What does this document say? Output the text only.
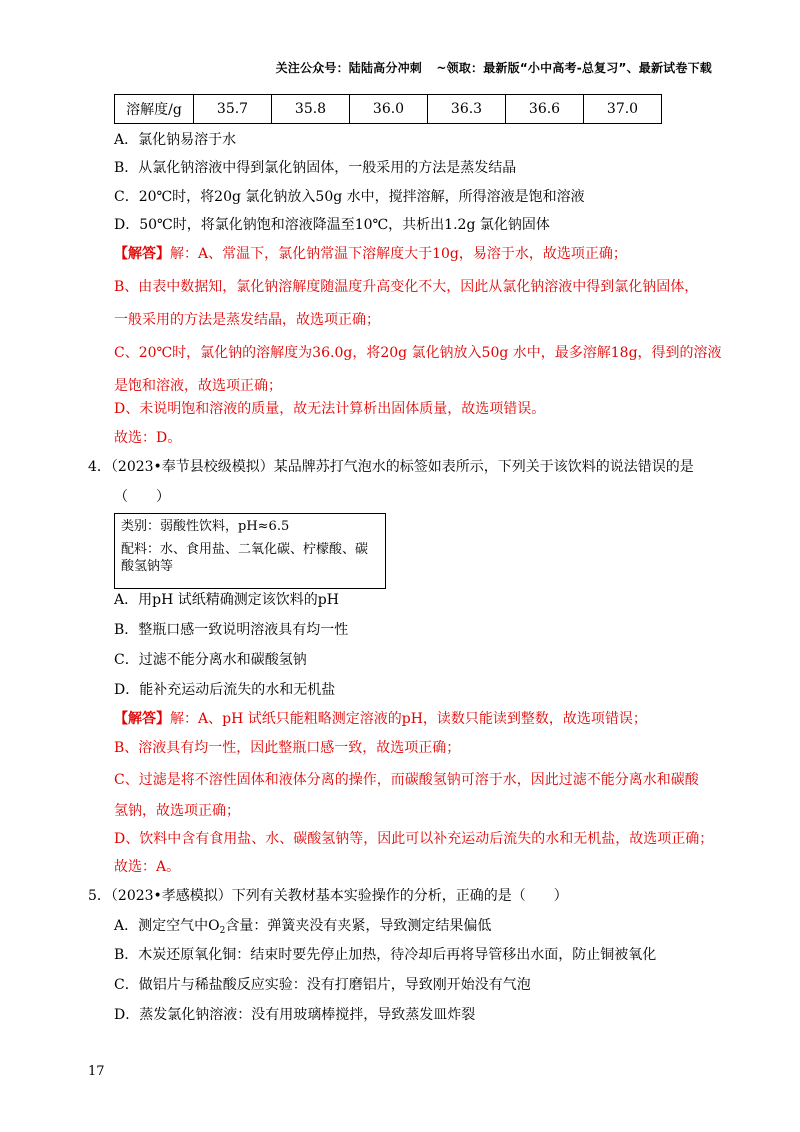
关注公众号：陆陆高分冲刺 ~领取：最新版“小中高考-总复习”、最新试卷下载
溶解度/g	35.7	35.8	36.0	36.3	36.6	37.0
A．氯化钠易溶于水
B．从氯化钠溶液中得到氯化钠固体，一般采用的方法是蒸发结晶
C．20℃时，将20g 氯化钠放入50g 水中，搅拌溶解，所得溶液是饱和溶液
D．50℃时，将氯化钠饱和溶液降温至10℃，共析出1.2g 氯化钠固体
【解答】解：A、常温下，氯化钠常温下溶解度大于10g，易溶于水，故选项正确；
B、由表中数据知，氯化钠溶解度随温度升高变化不大，因此从氯化钠溶液中得到氯化钠固体，
一般采用的方法是蒸发结晶，故选项正确；
C、20℃时，氯化钠的溶解度为36.0g，将20g 氯化钠放入50g 水中，最多溶解18g，得到的溶液
是饱和溶液，故选项正确；
D、未说明饱和溶液的质量，故无法计算析出固体质量，故选项错误。
故选：D。
4．（2023•奉节县校级模拟）某品牌苏打气泡水的标签如表所示，下列关于该饮料的说法错误的是
（　　）
类别：弱酸性饮料，pH≈6.5
配料：水、食用盐、二氧化碳、柠檬酸、碳酸氢钠等
A．用pH 试纸精确测定该饮料的pH
B．整瓶口感一致说明溶液具有均一性
C．过滤不能分离水和碳酸氢钠
D．能补充运动后流失的水和无机盐
【解答】解：A、pH 试纸只能粗略测定溶液的pH，读数只能读到整数，故选项错误；
B、溶液具有均一性，因此整瓶口感一致，故选项正确；
C、过滤是将不溶性固体和液体分离的操作，而碳酸氢钠可溶于水，因此过滤不能分离水和碳酸
氢钠，故选项正确；
D、饮料中含有食用盐、水、碳酸氢钠等，因此可以补充运动后流失的水和无机盐，故选项正确；
故选：A。
5．（2023•孝感模拟）下列有关教材基本实验操作的分析，正确的是（　　）
A．测定空气中$O_2$含量：弹簧夹没有夹紧，导致测定结果偏低
B．木炭还原氧化铜：结束时要先停止加热，待冷却后再将导管移出水面，防止铜被氧化
C．做铝片与稀盐酸反应实验：没有打磨铝片，导致刚开始没有气泡
D．蒸发氯化钠溶液：没有用玻璃棒搅拌，导致蒸发皿炸裂
17
